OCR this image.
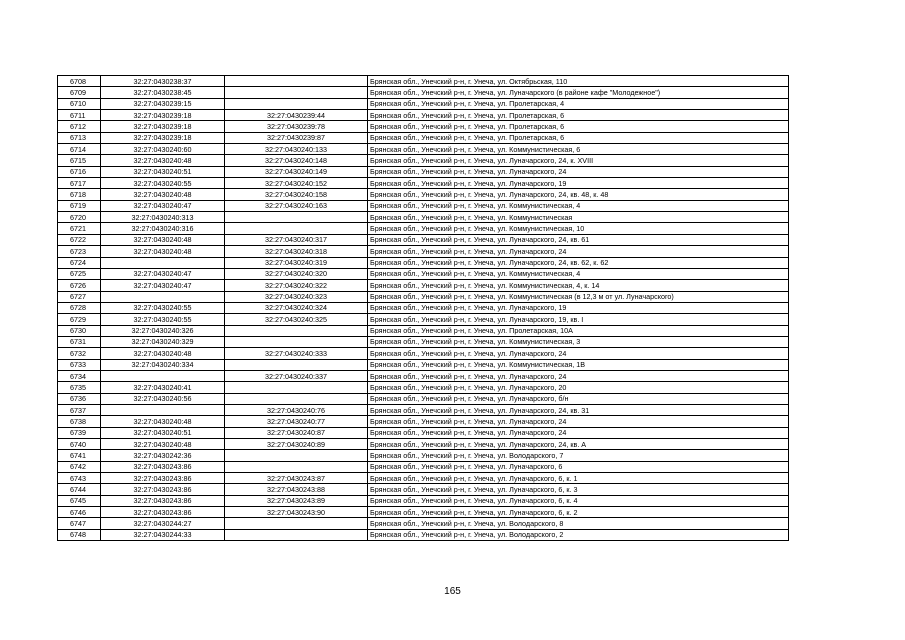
6708	32:27:0430238:37		Брянская обл., Унечский р-н, г. Унеча, ул. Октябрьская, 110
6709	32:27:0430238:45		Брянская обл., Унечский р-н, г. Унеча, ул. Луначарского (в районе кафе "Молодежное")
6710	32:27:0430239:15		Брянская обл., Унечский р-н, г. Унеча, ул. Пролетарская, 4
6711	32:27:0430239:18	32:27:0430239:44	Брянская обл., Унечский р-н, г. Унеча, ул. Пролетарская, 6
6712	32:27:0430239:18	32:27:0430239:78	Брянская обл., Унечский р-н, г. Унеча, ул. Пролетарская, 6
6713	32:27:0430239:18	32:27:0430239:87	Брянская обл., Унечский р-н, г. Унеча, ул. Пролетарская, 6
6714	32:27:0430240:60	32:27:0430240:133	Брянская обл., Унечский р-н, г. Унеча, ул. Коммунистическая, 6
6715	32:27:0430240:48	32:27:0430240:148	Брянская обл., Унечский р-н, г. Унеча, ул. Луначарского, 24, к. XVIII
6716	32:27:0430240:51	32:27:0430240:149	Брянская обл., Унечский р-н, г. Унеча, ул. Луначарского, 24
6717	32:27:0430240:55	32:27:0430240:152	Брянская обл., Унечский р-н, г. Унеча, ул. Луначарского, 19
6718	32:27:0430240:48	32:27:0430240:158	Брянская обл., Унечский р-н, г. Унеча, ул. Луначарского, 24, кв. 48, к. 48
6719	32:27:0430240:47	32:27:0430240:163	Брянская обл., Унечский р-н, г. Унеча, ул. Коммунистическая, 4
6720	32:27:0430240:313		Брянская обл., Унечский р-н, г. Унеча, ул. Коммунистическая
6721	32:27:0430240:316		Брянская обл., Унечский р-н, г. Унеча, ул. Коммунистическая, 10
6722	32:27:0430240:48	32:27:0430240:317	Брянская обл., Унечский р-н, г. Унеча, ул. Луначарского, 24, кв. 61
6723	32:27:0430240:48	32:27:0430240:318	Брянская обл., Унечский р-н, г. Унеча, ул. Луначарского, 24
6724		32:27:0430240:319	Брянская обл., Унечский р-н, г. Унеча, ул. Луначарского, 24, кв. 62, к. 62
6725	32:27:0430240:47	32:27:0430240:320	Брянская обл., Унечский р-н, г. Унеча, ул. Коммунистическая, 4
6726	32:27:0430240:47	32:27:0430240:322	Брянская обл., Унечский р-н, г. Унеча, ул. Коммунистическая, 4, к. 14
6727		32:27:0430240:323	Брянская обл., Унечский р-н, г. Унеча, ул. Коммунистическая (в 12,3 м от ул. Луначарского)
6728	32:27:0430240:55	32:27:0430240:324	Брянская обл., Унечский р-н, г. Унеча, ул. Луначарского, 19
6729	32:27:0430240:55	32:27:0430240:325	Брянская обл., Унечский р-н, г. Унеча, ул. Луначарского, 19, кв. I
6730	32:27:0430240:326		Брянская обл., Унечский р-н, г. Унеча, ул. Пролетарская, 10А
6731	32:27:0430240:329		Брянская обл., Унечский р-н, г. Унеча, ул. Коммунистическая, 3
6732	32:27:0430240:48	32:27:0430240:333	Брянская обл., Унечский р-н, г. Унеча, ул. Луначарского, 24
6733	32:27:0430240:334		Брянская обл., Унечский р-н, г. Унеча, ул. Коммунистическая, 1В
6734		32:27:0430240:337	Брянская обл., Унечский р-н, г. Унеча, ул. Луначарского, 24
6735	32:27:0430240:41		Брянская обл., Унечский р-н, г. Унеча, ул. Луначарского, 20
6736	32:27:0430240:56		Брянская обл., Унечский р-н, г. Унеча, ул. Луначарского, б/н
6737		32:27:0430240:76	Брянская обл., Унечский р-н, г. Унеча, ул. Луначарского, 24, кв. 31
6738	32:27:0430240:48	32:27:0430240:77	Брянская обл., Унечский р-н, г. Унеча, ул. Луначарского, 24
6739	32:27:0430240:51	32:27:0430240:87	Брянская обл., Унечский р-н, г. Унеча, ул. Луначарского, 24
6740	32:27:0430240:48	32:27:0430240:89	Брянская обл., Унечский р-н, г. Унеча, ул. Луначарского, 24, кв. А
6741	32:27:0430242:36		Брянская обл., Унечский р-н, г. Унеча, ул. Володарского, 7
6742	32:27:0430243:86		Брянская обл., Унечский р-н, г. Унеча, ул. Луначарского, 6
6743	32:27:0430243:86	32:27:0430243:87	Брянская обл., Унечский р-н, г. Унеча, ул. Луначарского, 6, к. 1
6744	32:27:0430243:86	32:27:0430243:88	Брянская обл., Унечский р-н, г. Унеча, ул. Луначарского, 6, к. 3
6745	32:27:0430243:86	32:27:0430243:89	Брянская обл., Унечский р-н, г. Унеча, ул. Луначарского, 6, к. 4
6746	32:27:0430243:86	32:27:0430243:90	Брянская обл., Унечский р-н, г. Унеча, ул. Луначарского, 6, к. 2
6747	32:27:0430244:27		Брянская обл., Унечский р-н, г. Унеча, ул. Володарского, 8
6748	32:27:0430244:33		Брянская обл., Унечский р-н, г. Унеча, ул. Володарского, 2
165
